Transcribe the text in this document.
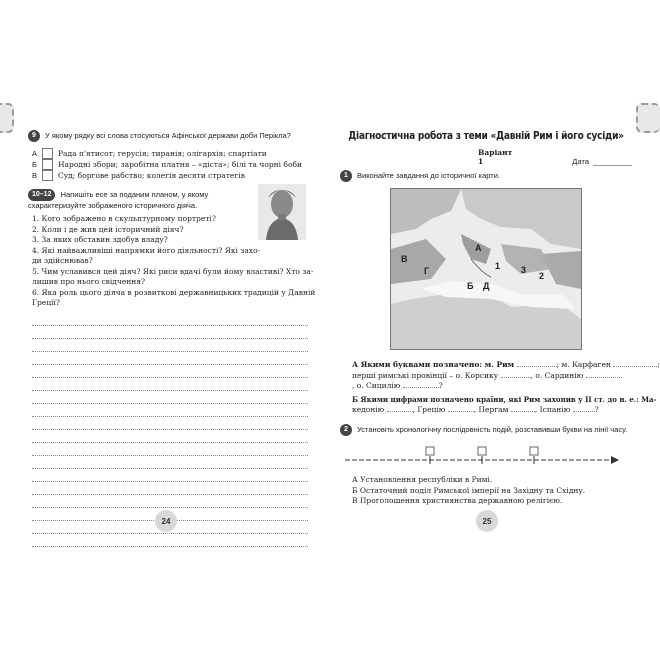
9 У якому рядку всі слова стосуються Афінської держави доби Перікла?
А	Рада п'ятисот; герусія; тиранія; олігархія; спартіати
Б	Народні збори; заробітна платня – «діста»; білі та чорні боби
В	Суд; боргове рабство; колегія десяти стратегів
10–12 Напишіть есе за поданим планом, у якому схарактеризуйте зображеного історичного діяча.
1. Кого зображено в скульптурному портреті?
2. Коли і де жив цей історичний діяч?
3. За яких обставин здобув владу?
4. Які найважливіші напрямки його діяльності? Які захо-
ди здійснював?
5. Чим уславився цей діяч? Які риси вдачі були йому властиві? Хто за-
лишив про нього свідчення?
6. Яка роль цього діяча в розвиткові державницьких традицій у Давній
Греції?
24
Діагностична робота з теми «Давній Рим і його сусіди»
Варіант 1	Дата
1 Виконайте завдання до історичної карти.
В
Г
А
Б Д
1
2
3
А Якими буквами позначено: м. Рим	; м. Карфаген	;
перші римські провінції – о. Корсику	, о. Сардинію
, о. Сицилію	?
Б Якими цифрами позначено країни, які Рим захопив у II ст. до н. е.: Ма-
кедонію	, Грецію	, Пергам	, Іспанію	?
2 Установіть хронологічну послідовність подій, розставивши букви на лінії часу.
А Установлення республіки в Римі.
Б Остаточний поділ Римської імперії на Західну та Східну.
В Проголошення християнства державною релігією.
25
